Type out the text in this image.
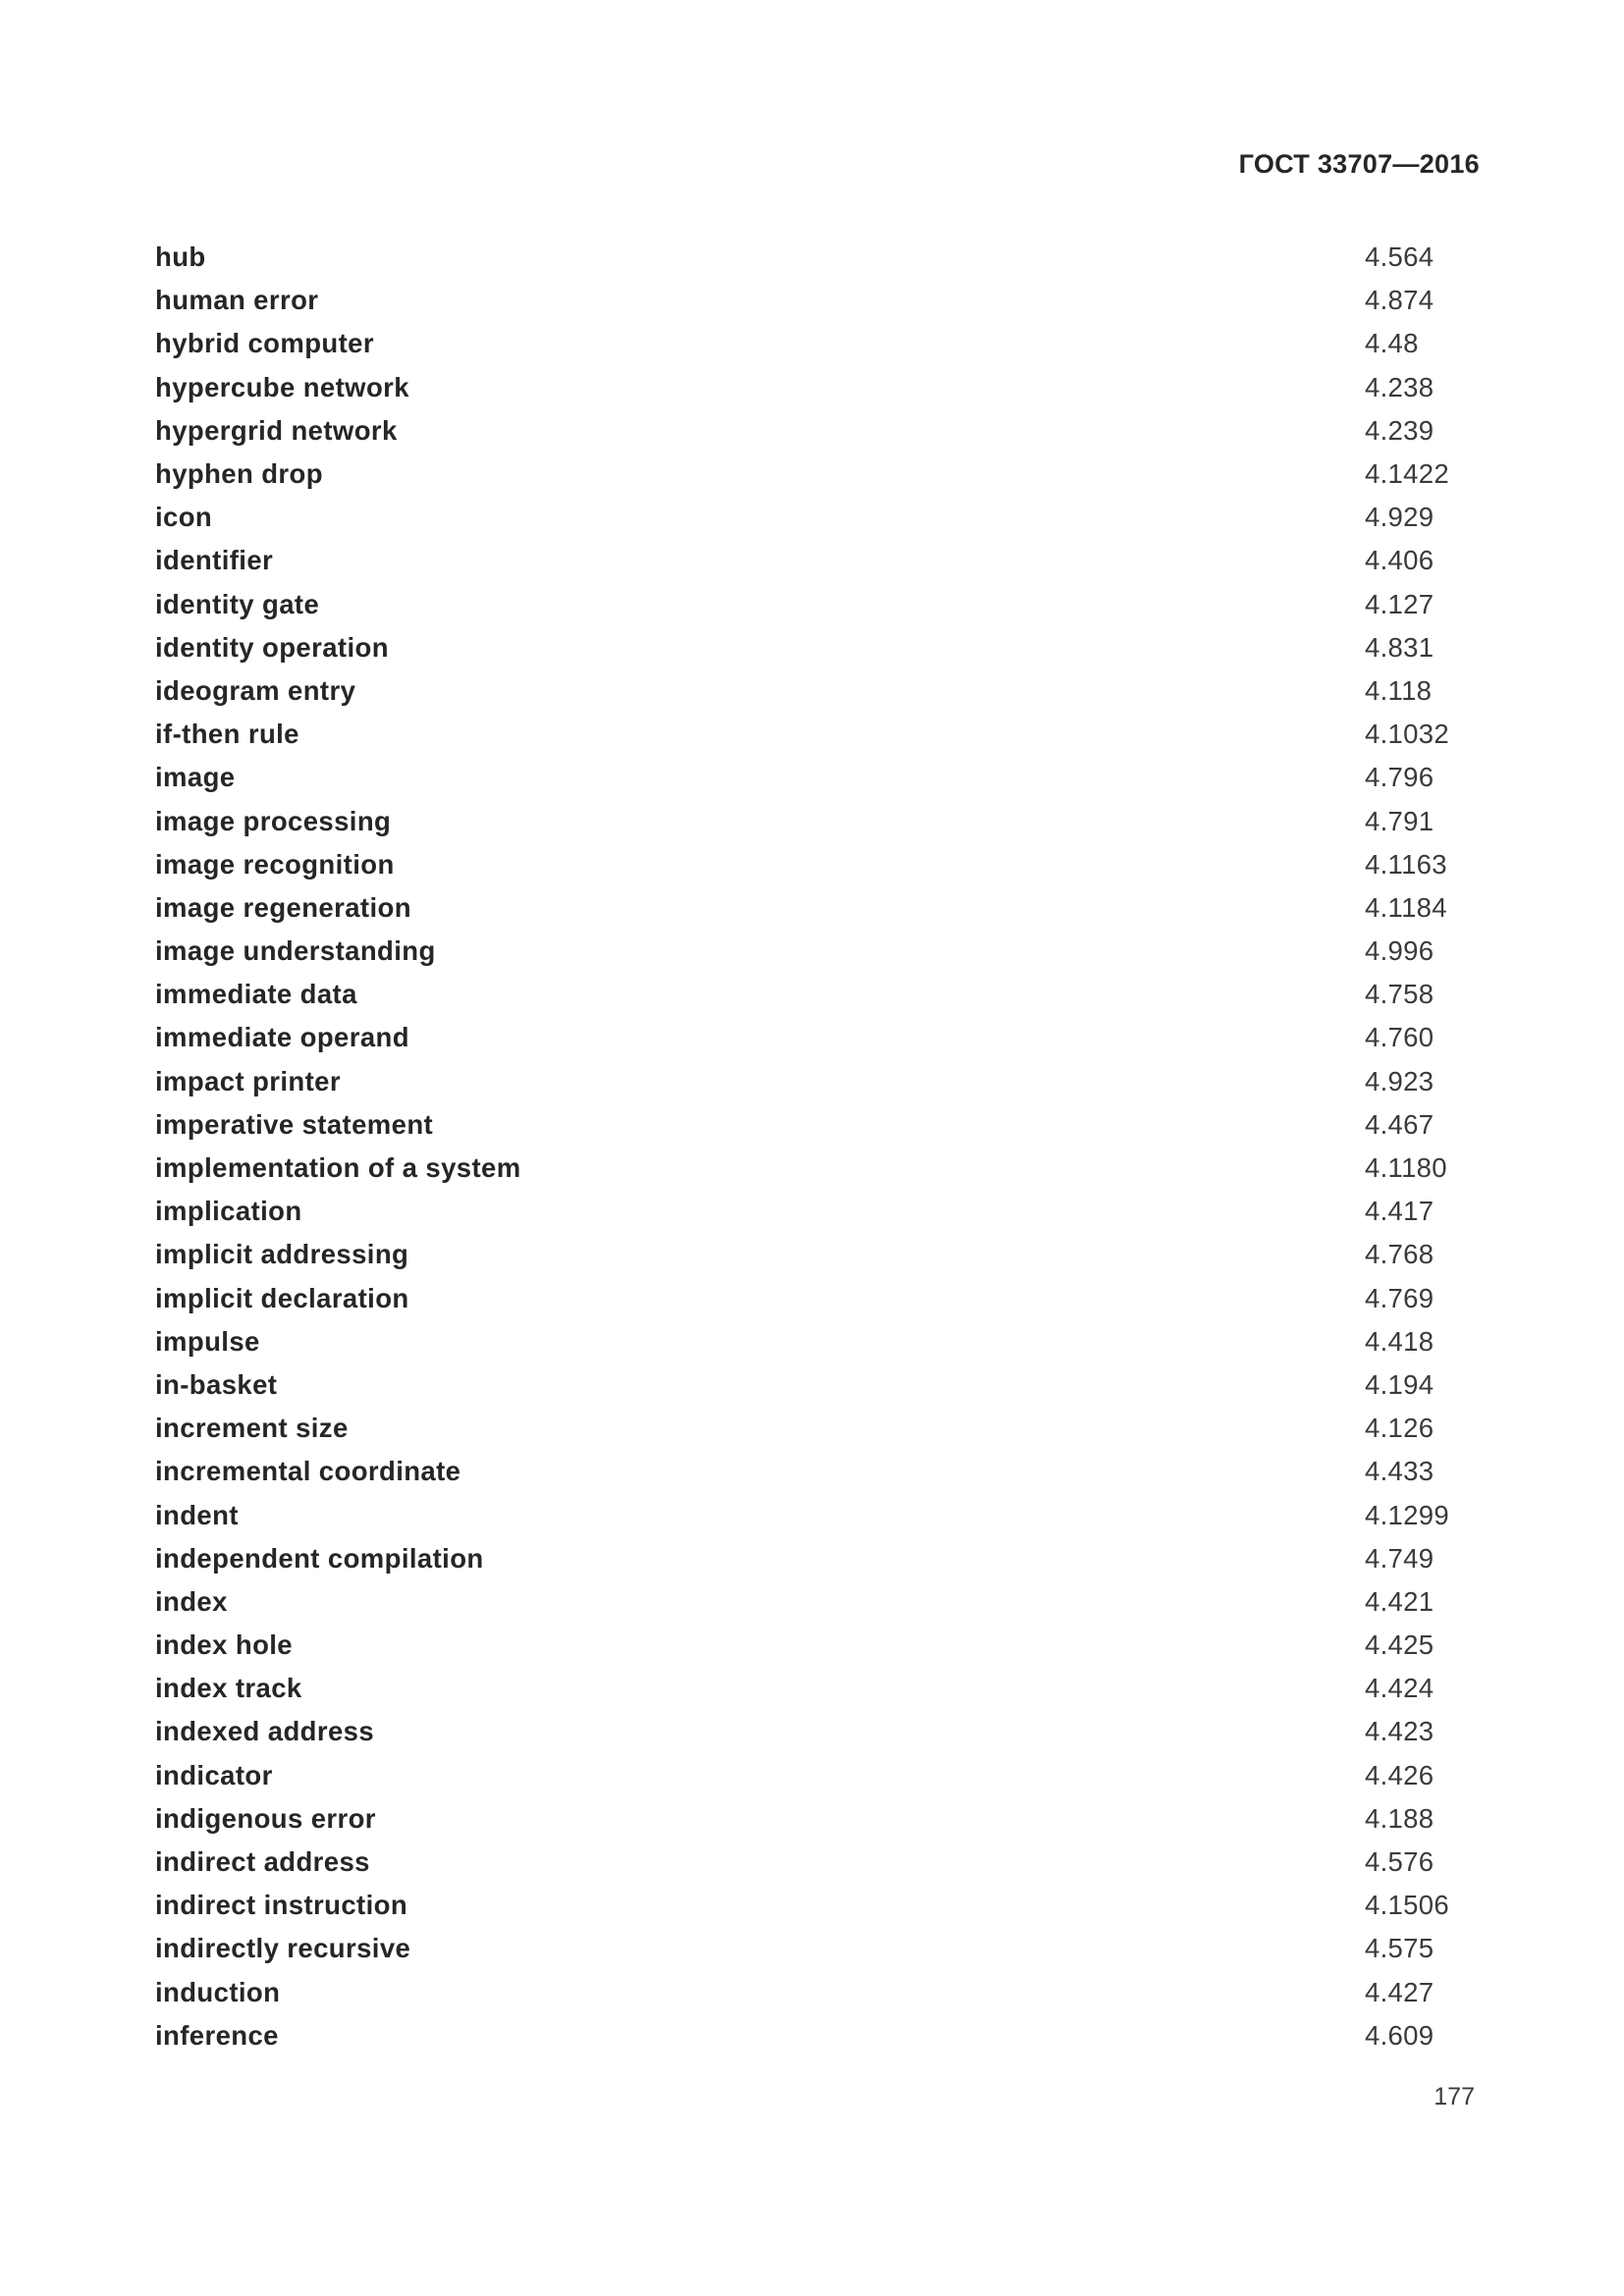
ГОСТ 33707—2016
hub	4.564
human error	4.874
hybrid computer	4.48
hypercube network	4.238
hypergrid network	4.239
hyphen drop	4.1422
icon	4.929
identifier	4.406
identity gate	4.127
identity operation	4.831
ideogram entry	4.118
if-then rule	4.1032
image	4.796
image processing	4.791
image recognition	4.1163
image regeneration	4.1184
image understanding	4.996
immediate data	4.758
immediate operand	4.760
impact printer	4.923
imperative statement	4.467
implementation of a system	4.1180
implication	4.417
implicit addressing	4.768
implicit declaration	4.769
impulse	4.418
in-basket	4.194
increment size	4.126
incremental coordinate	4.433
indent	4.1299
independent compilation	4.749
index	4.421
index hole	4.425
index track	4.424
indexed address	4.423
indicator	4.426
indigenous error	4.188
indirect address	4.576
indirect instruction	4.1506
indirectly recursive	4.575
induction	4.427
inference	4.609
177
